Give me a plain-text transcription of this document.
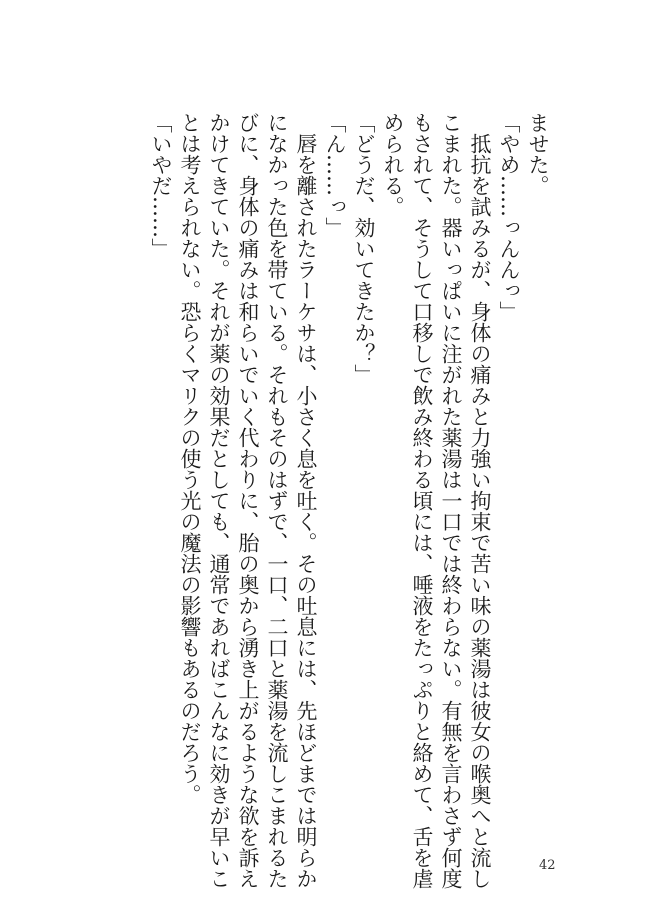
ませた。

「やめ……っんんっ」

　抵抗を試みるが、身体の痛みと力強い拘束で苦い味の薬湯は彼女の喉奥へと流し

こまれた。器いっぱいに注がれた薬湯は一口では終わらない。有無を言わさず何度

もされて、そうして口移しで飲み終わる頃には、唾液をたっぷりと絡めて、舌を虐

められる。

「どうだ、効いてきたか？」

「ん……っ」

　唇を離されたラーケサは、小さく息を吐く。その吐息には、先ほどまでは明らか

になかった色を帯ている。それもそのはずで、一口、二口と薬湯を流しこまれるた

びに、身体の痛みは和らいでいく代わりに、胎の奥から湧き上がるような欲を訴え

かけてきていた。それが薬の効果だとしても、通常であればこんなに効きが早いこ

とは考えられない。恐らくマリクの使う光の魔法の影響もあるのだろう。

「いやだ……」

42
